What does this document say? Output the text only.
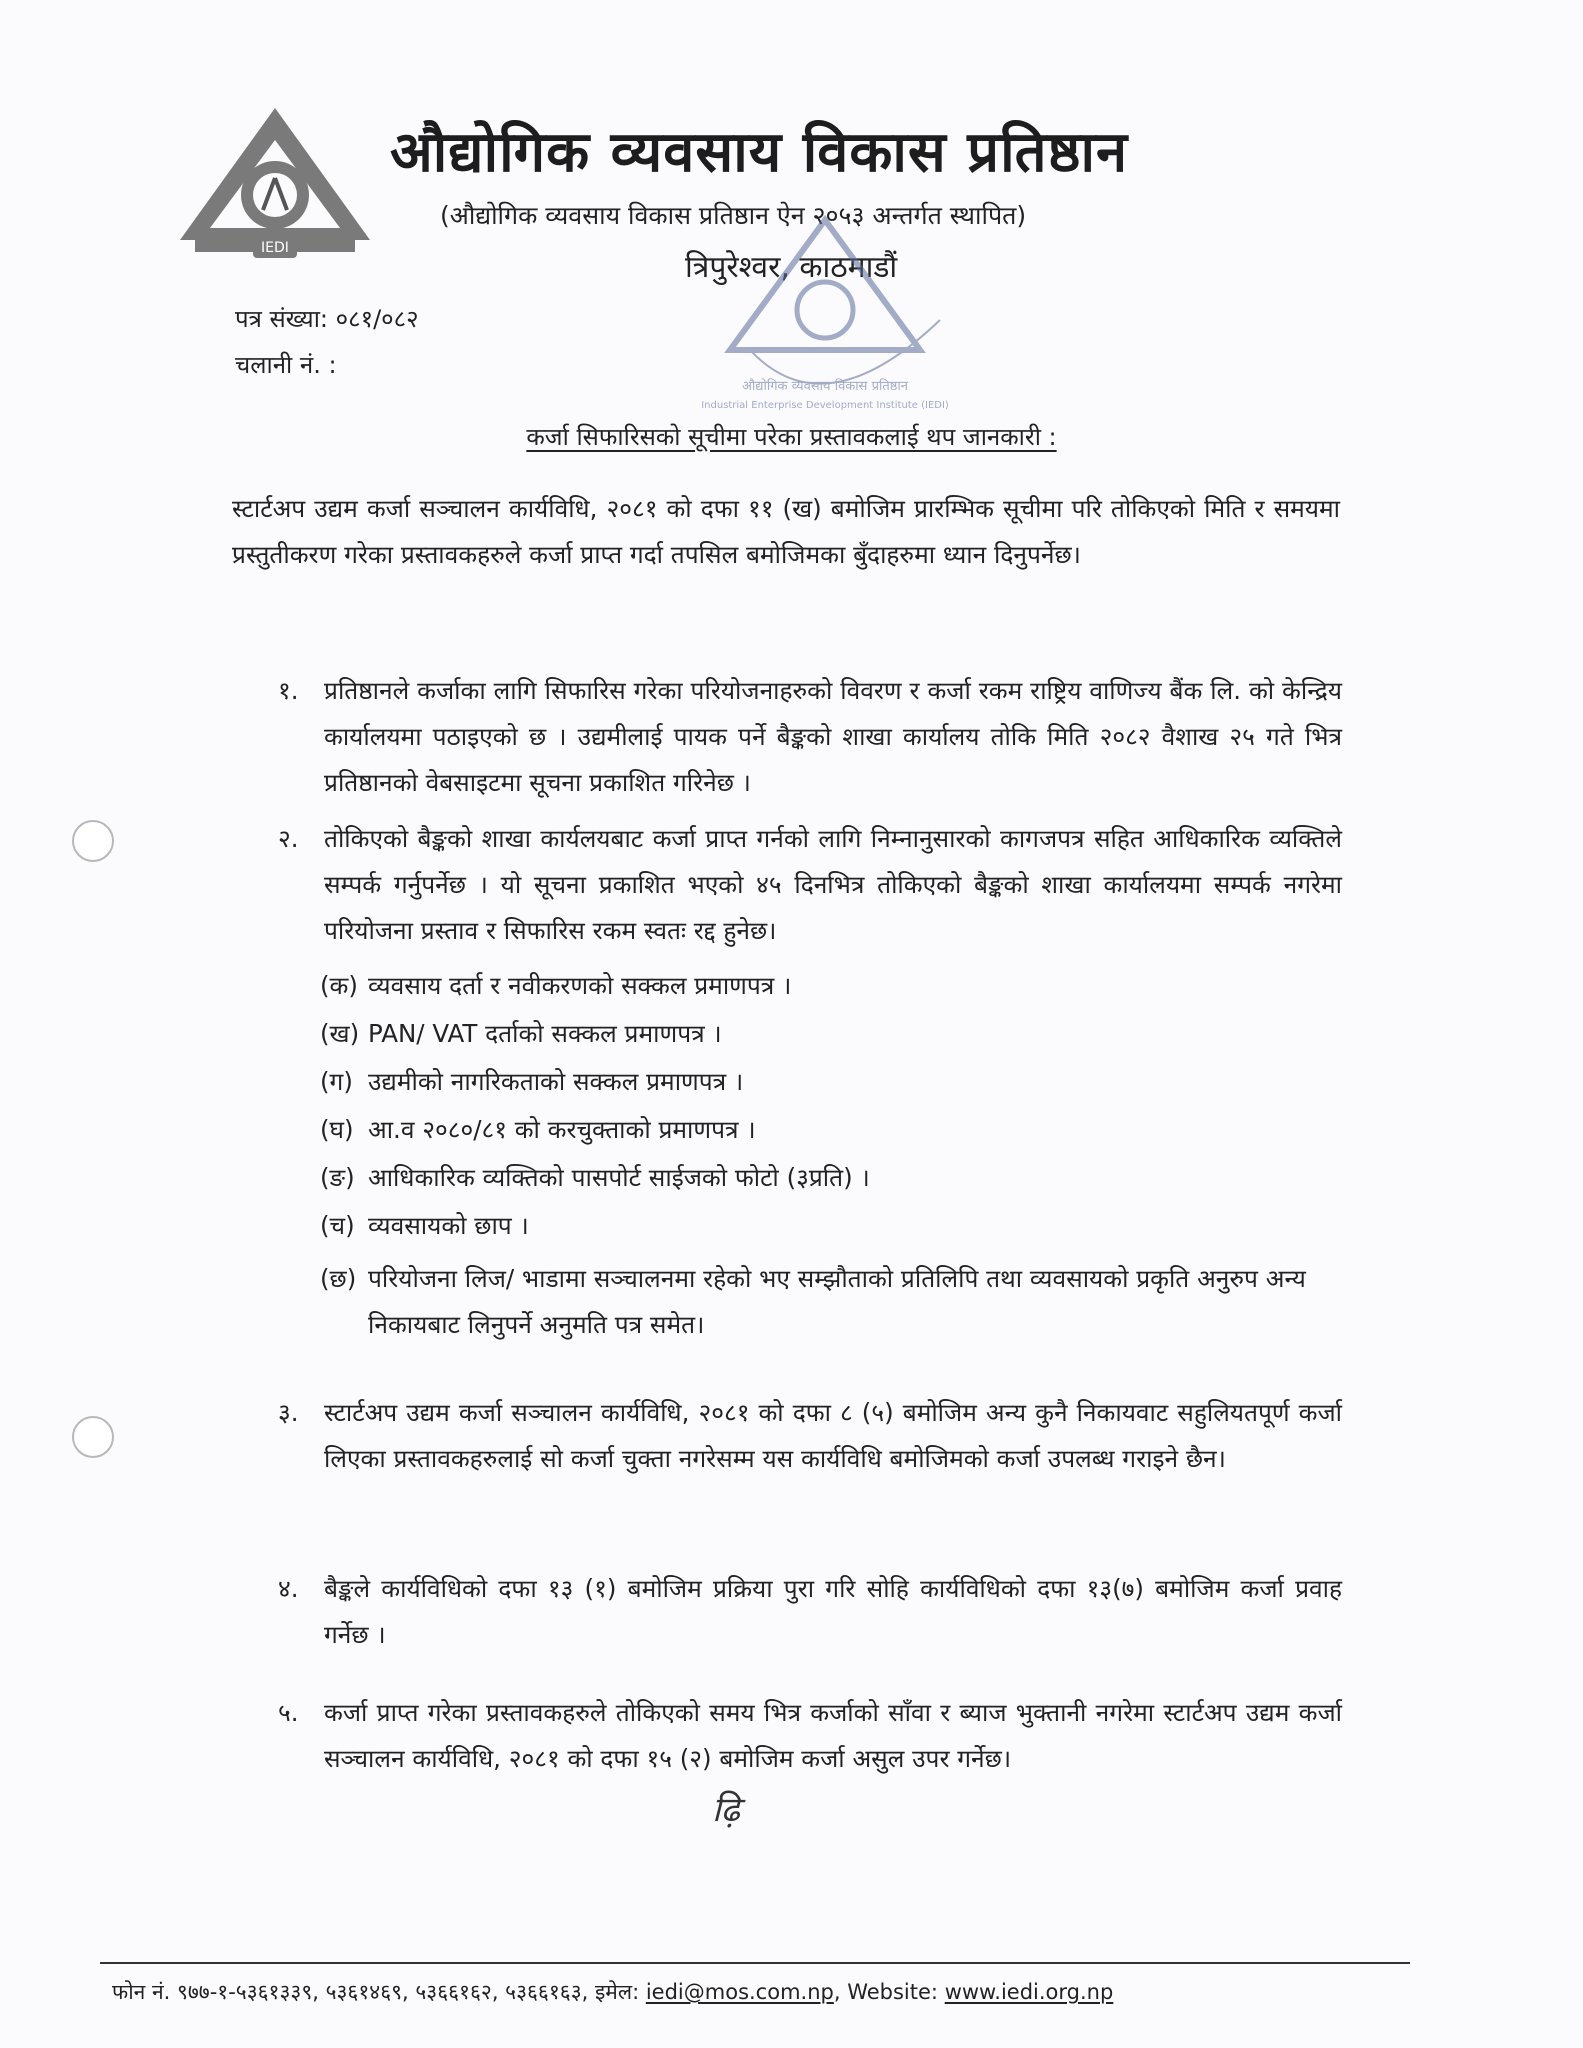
IEDI
औद्योगिक व्यवसाय विकास प्रतिष्ठान
(औद्योगिक व्यवसाय विकास प्रतिष्ठान ऐन २०५३ अन्तर्गत स्थापित)
त्रिपुरेश्वर, काठमाडौं
औद्योगिक व्यवसाय विकास प्रतिष्ठान
Industrial Enterprise Development Institute (IEDI)
पत्र संख्या: ०८१/०८२
चलानी नं. :
कर्जा सिफारिसको सूचीमा परेका प्रस्तावकलाई थप जानकारी :
स्टार्टअप उद्यम कर्जा सञ्चालन कार्यविधि, २०८१ को दफा ११ (ख) बमोजिम प्रारम्भिक सूचीमा परि तोकिएको मिति र समयमा प्रस्तुतीकरण गरेका प्रस्तावकहरुले कर्जा प्राप्त गर्दा तपसिल बमोजिमका बुँदाहरुमा ध्यान दिनुपर्नेछ।
१.	प्रतिष्ठानले कर्जाका लागि सिफारिस गरेका परियोजनाहरुको विवरण र कर्जा रकम राष्ट्रिय वाणिज्य बैंक लि. को केन्द्रिय कार्यालयमा पठाइएको छ । उद्यमीलाई पायक पर्ने बैङ्कको शाखा कार्यालय तोकि मिति २०८२ वैशाख २५ गते भित्र प्रतिष्ठानको वेबसाइटमा सूचना प्रकाशित गरिनेछ ।
२.	तोकिएको बैङ्कको शाखा कार्यलयबाट कर्जा प्राप्त गर्नको लागि निम्नानुसारको कागजपत्र सहित आधिकारिक व्यक्तिले सम्पर्क गर्नुपर्नेछ । यो सूचना प्रकाशित भएको ४५ दिनभित्र तोकिएको बैङ्कको शाखा कार्यालयमा सम्पर्क नगरेमा परियोजना प्रस्ताव र सिफारिस रकम स्वतः रद्द हुनेछ।
(क) व्यवसाय दर्ता र नवीकरणको सक्कल प्रमाणपत्र ।
(ख) PAN/ VAT दर्ताको सक्कल प्रमाणपत्र ।
(ग) उद्यमीको नागरिकताको सक्कल प्रमाणपत्र ।
(घ) आ.व २०८०/८१ को करचुक्ताको प्रमाणपत्र ।
(ङ) आधिकारिक व्यक्तिको पासपोर्ट साईजको फोटो (३प्रति) ।
(च) व्यवसायको छाप ।
(छ) परियोजना लिज/ भाडामा सञ्चालनमा रहेको भए सम्झौताको प्रतिलिपि तथा व्यवसायको प्रकृति अनुरुप अन्य निकायबाट लिनुपर्ने अनुमति पत्र समेत।
३.	स्टार्टअप उद्यम कर्जा सञ्चालन कार्यविधि, २०८१ को दफा ८ (५) बमोजिम अन्य कुनै निकायवाट सहुलियतपूर्ण कर्जा लिएका प्रस्तावकहरुलाई सो कर्जा चुक्ता नगरेसम्म यस कार्यविधि बमोजिमको कर्जा उपलब्ध गराइने छैन।
४.	बैङ्कले कार्यविधिको दफा १३ (१) बमोजिम प्रक्रिया पुरा गरि सोहि कार्यविधिको दफा १३(७) बमोजिम कर्जा प्रवाह गर्नेछ ।
५.	कर्जा प्राप्त गरेका प्रस्तावकहरुले तोकिएको समय भित्र कर्जाको साँवा र ब्याज भुक्तानी नगरेमा स्टार्टअप उद्यम कर्जा सञ्चालन कार्यविधि, २०८१ को दफा १५ (२) बमोजिम कर्जा असुल उपर गर्नेछ।
ढ़ि
फोन नं. ९७७-१-५३६१३३९, ५३६१४६९, ५३६६१६२, ५३६६१६३, इमेल: iedi@mos.com.np, Website: www.iedi.org.np
